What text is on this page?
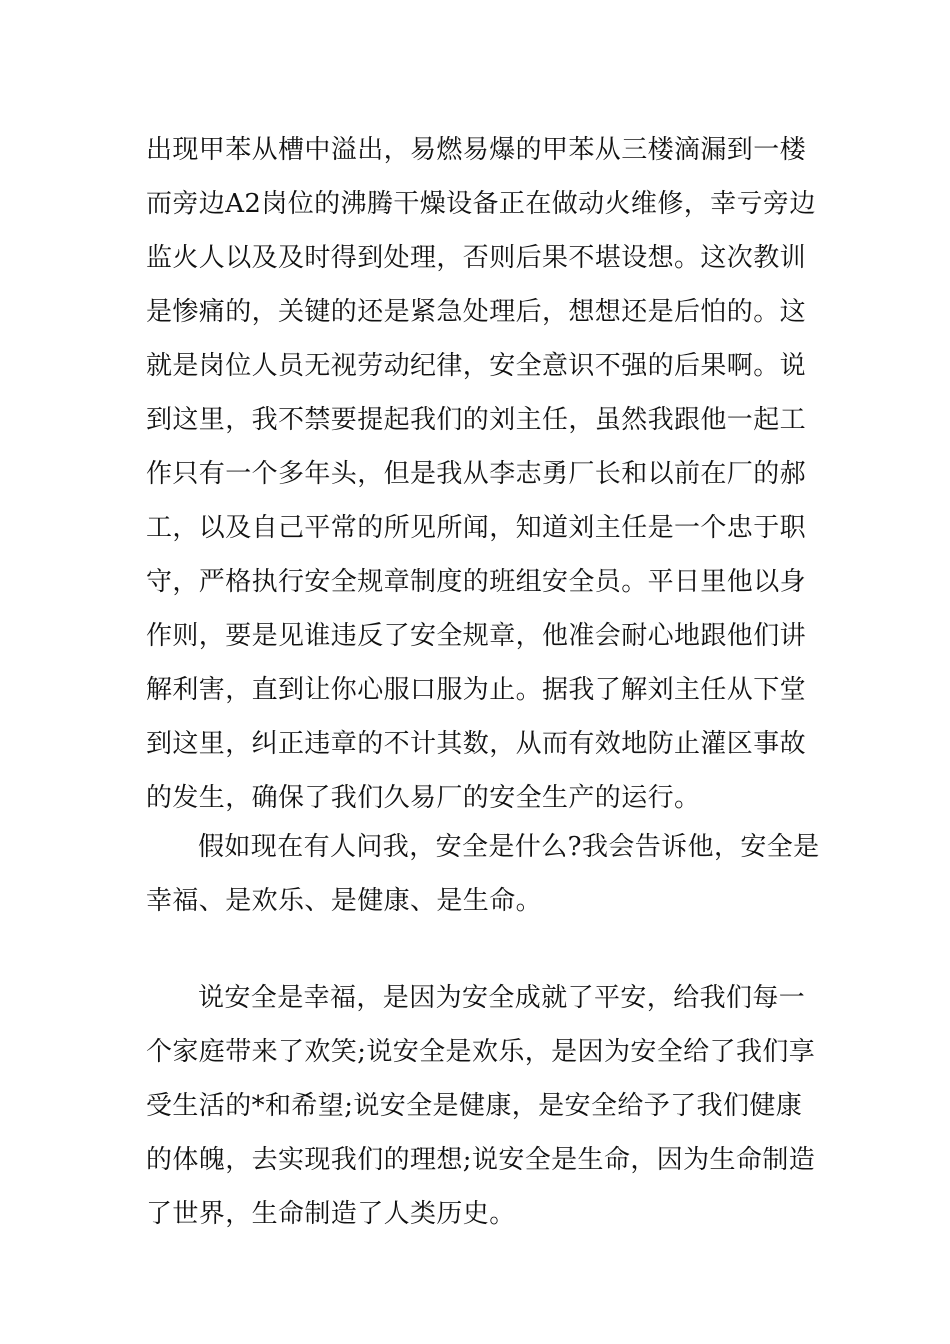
出现甲苯从槽中溢出，易燃易爆的甲苯从三楼滴漏到一楼
而旁边A2岗位的沸腾干燥设备正在做动火维修，幸亏旁边
监火人以及及时得到处理，否则后果不堪设想。这次教训
是惨痛的，关键的还是紧急处理后，想想还是后怕的。这
就是岗位人员无视劳动纪律，安全意识不强的后果啊。说
到这里，我不禁要提起我们的刘主任，虽然我跟他一起工
作只有一个多年头，但是我从李志勇厂长和以前在厂的郝
工，以及自己平常的所见所闻，知道刘主任是一个忠于职
守，严格执行安全规章制度的班组安全员。平日里他以身
作则，要是见谁违反了安全规章，他准会耐心地跟他们讲
解利害，直到让你心服口服为止。据我了解刘主任从下堂
到这里，纠正违章的不计其数，从而有效地防止灌区事故
的发生，确保了我们久易厂的安全生产的运行。
假如现在有人问我，安全是什么?我会告诉他，安全是
幸福、是欢乐、是健康、是生命。
说安全是幸福，是因为安全成就了平安，给我们每一
个家庭带来了欢笑;说安全是欢乐，是因为安全给了我们享
受生活的*和希望;说安全是健康，是安全给予了我们健康
的体魄，去实现我们的理想;说安全是生命，因为生命制造
了世界，生命制造了人类历史。
